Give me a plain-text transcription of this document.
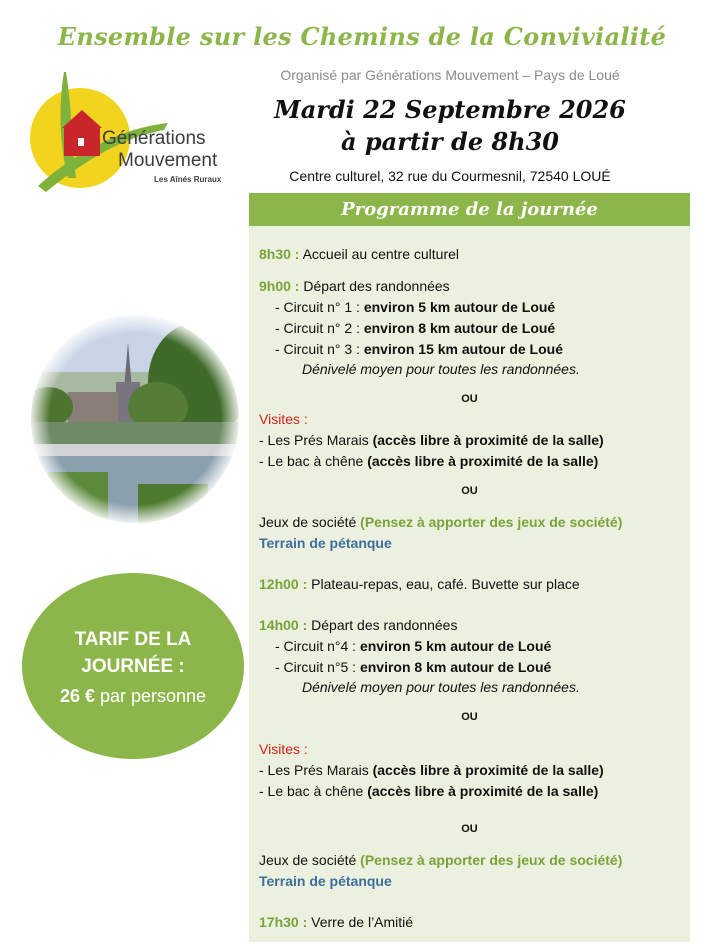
Ensemble sur les Chemins de la Convivialité
Organisé par Générations Mouvement – Pays de Loué
Mardi 22 Septembre 2026
à partir de 8h30
Centre culturel, 32 rue du Courmesnil, 72540 LOUÉ
Générations
Mouvement
Les Aînés Ruraux
TARIF DE LA JOURNÉE :
26 € par personne
Programme de la journée
8h30 : Accueil au centre culturel
9h00 : Départ des randonnées
- Circuit n° 1 : environ 5 km autour de Loué
- Circuit n° 2 : environ 8 km autour de Loué
- Circuit n° 3 : environ 15 km autour de Loué
Dénivelé moyen pour toutes les randonnées.
OU
Visites :
- Les Prés Marais (accès libre à proximité de la salle)
- Le bac à chêne (accès libre à proximité de la salle)
OU
Jeux de société (Pensez à apporter des jeux de société)
Terrain de pétanque
12h00 : Plateau-repas, eau, café. Buvette sur place
14h00 : Départ des randonnées
- Circuit n°4 : environ 5 km autour de Loué
- Circuit n°5 : environ 8 km autour de Loué
Dénivelé moyen pour toutes les randonnées.
OU
Visites :
- Les Prés Marais (accès libre à proximité de la salle)
- Le bac à chêne (accès libre à proximité de la salle)
OU
Jeux de société (Pensez à apporter des jeux de société)
Terrain de pétanque
17h30 : Verre de l’Amitié
